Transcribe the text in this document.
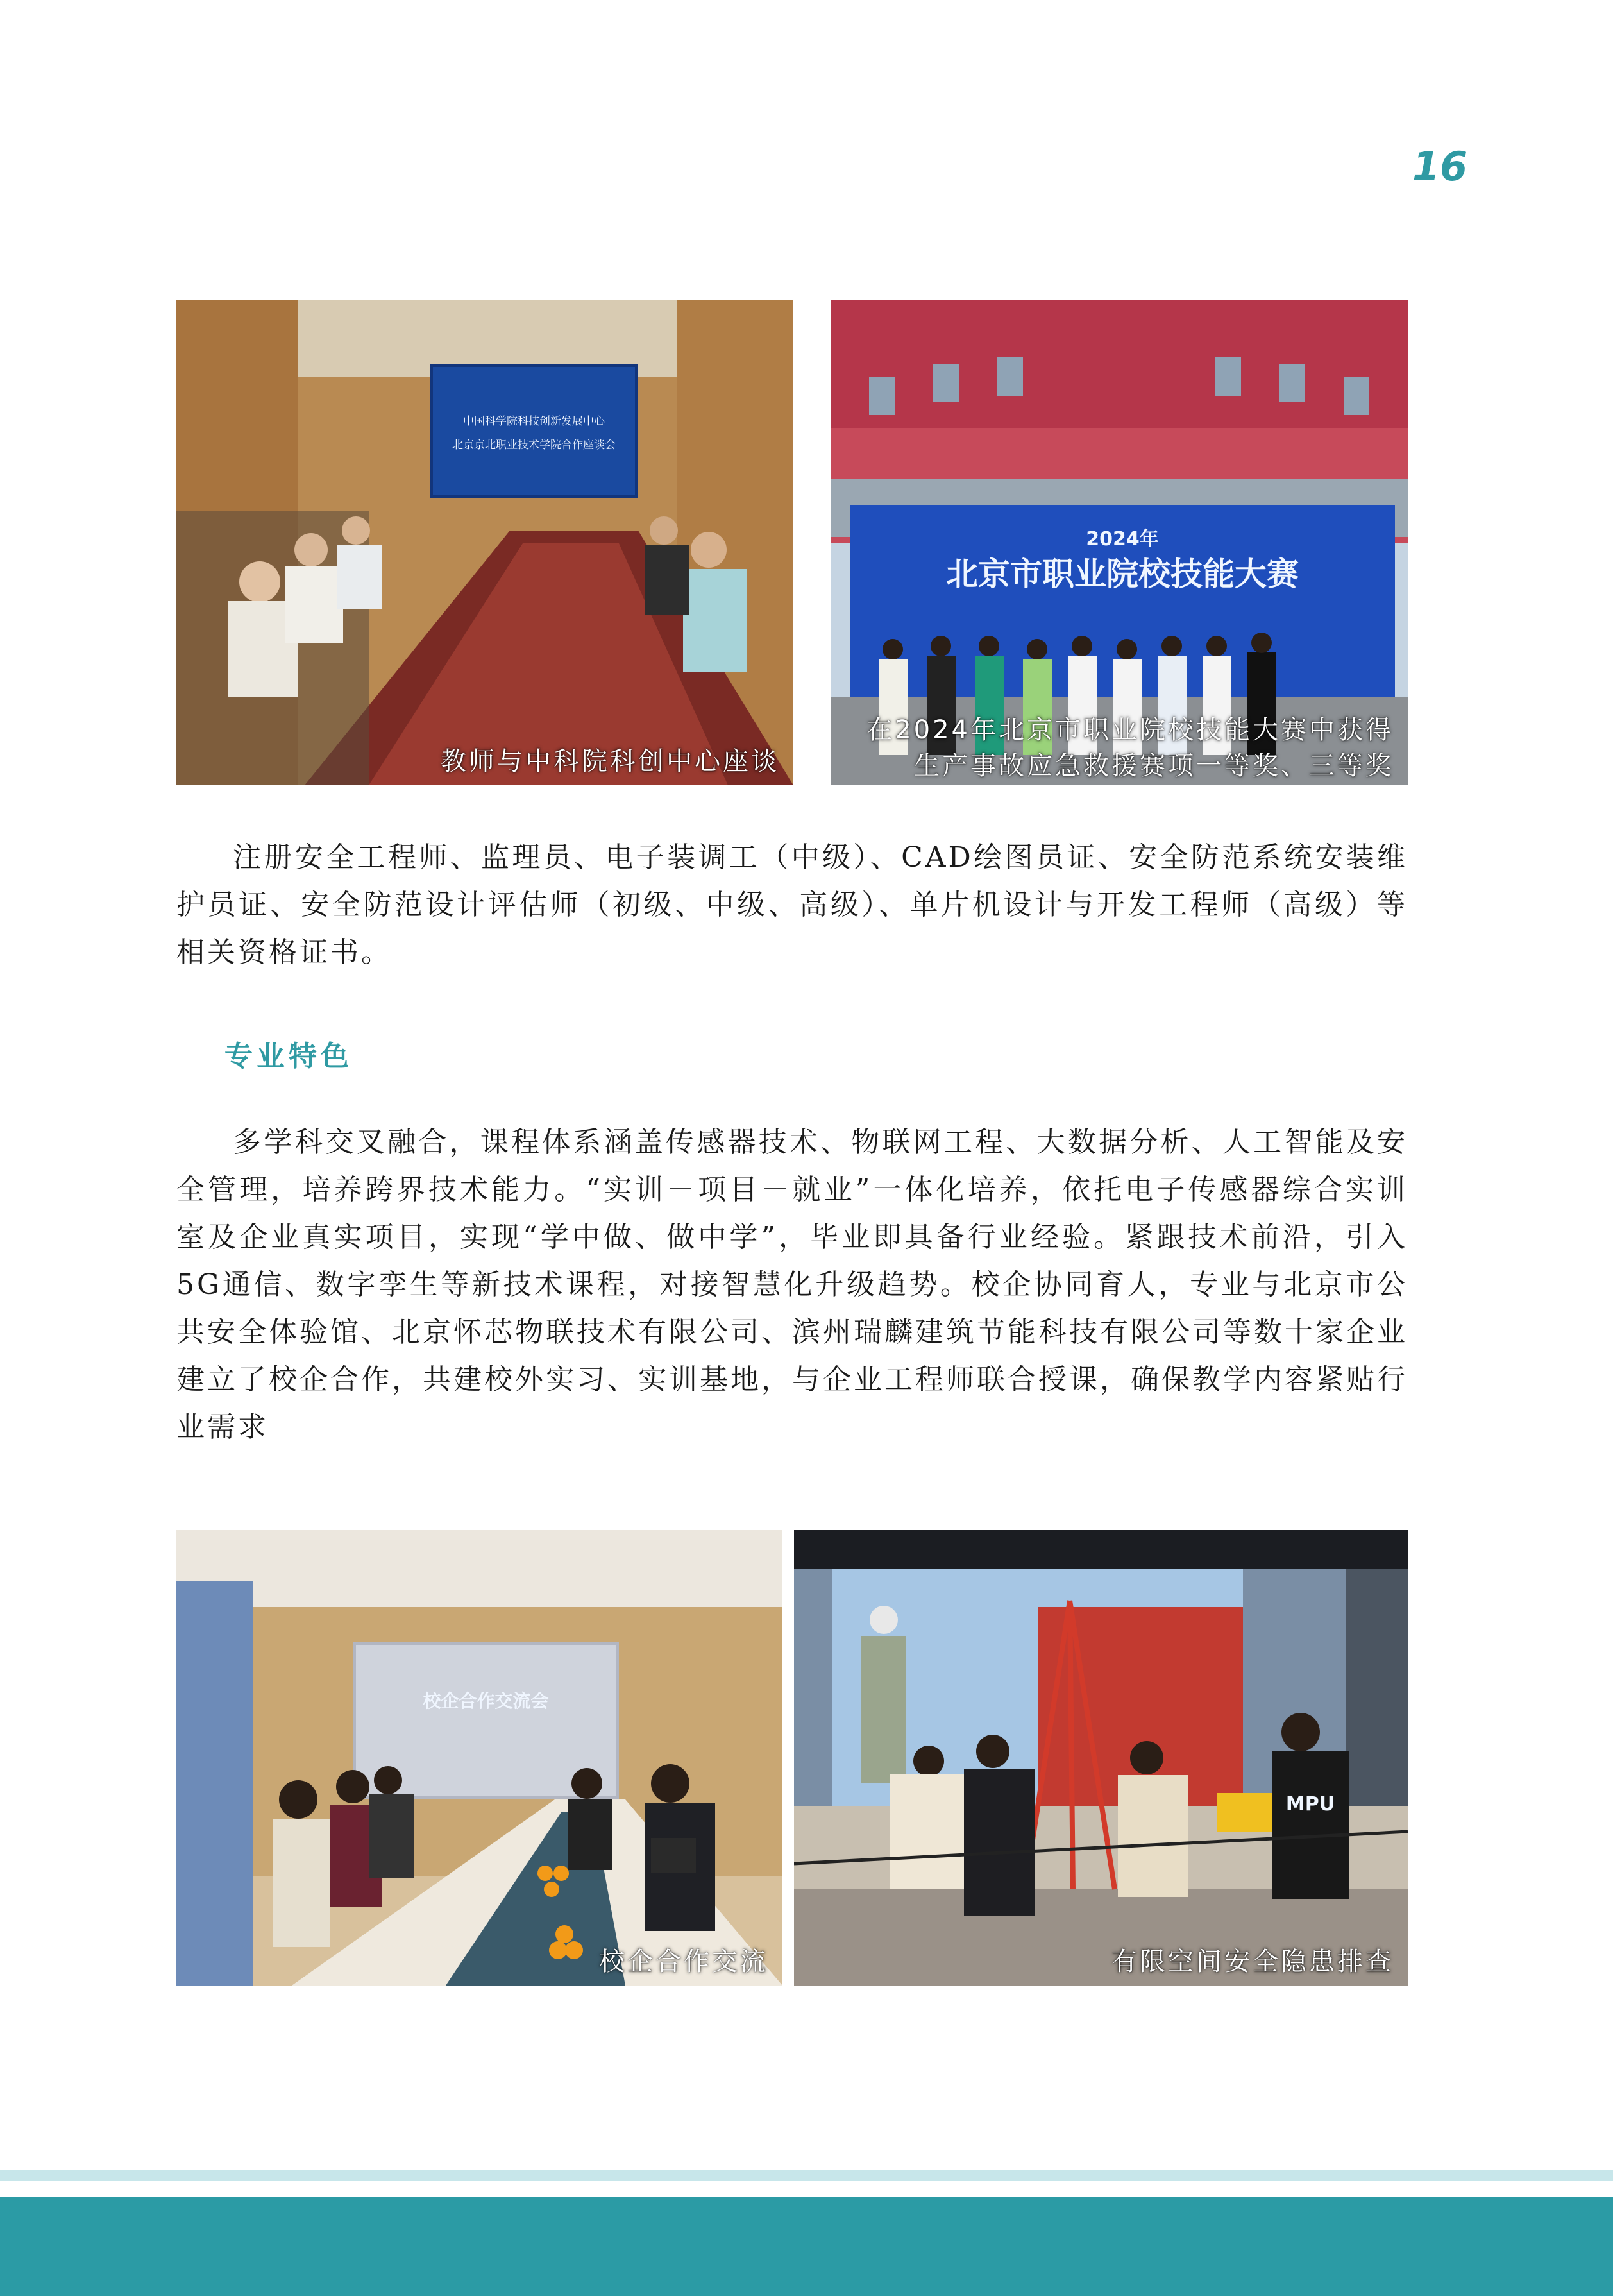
16
中国科学院科技创新发展中心
北京京北职业技术学院合作座谈会
教师与中科院科创中心座谈
2024年
北京市职业院校技能大赛
在2024年北京市职业院校技能大赛中获得生产事故应急救援赛项一等奖、三等奖

注册安全工程师、监理员、电子装调工（中级）、CAD绘图员证、安全防范系统安装维护员证、安全防范设计评估师（初级、中级、高级）、单片机设计与开发工程师（高级）等相关资格证书。

专业特色

多学科交叉融合，课程体系涵盖传感器技术、物联网工程、大数据分析、人工智能及安全管理，培养跨界技术能力。“实训－项目－就业”一体化培养，依托电子传感器综合实训室及企业真实项目，实现“学中做、做中学”，毕业即具备行业经验。紧跟技术前沿，引入5G通信、数字孪生等新技术课程，对接智慧化升级趋势。校企协同育人，专业与北京市公共安全体验馆、北京怀芯物联技术有限公司、滨州瑞麟建筑节能科技有限公司等数十家企业建立了校企合作，共建校外实习、实训基地，与企业工程师联合授课，确保教学内容紧贴行业需求

校企合作交流会
校企合作交流
MPU
有限空间安全隐患排查
